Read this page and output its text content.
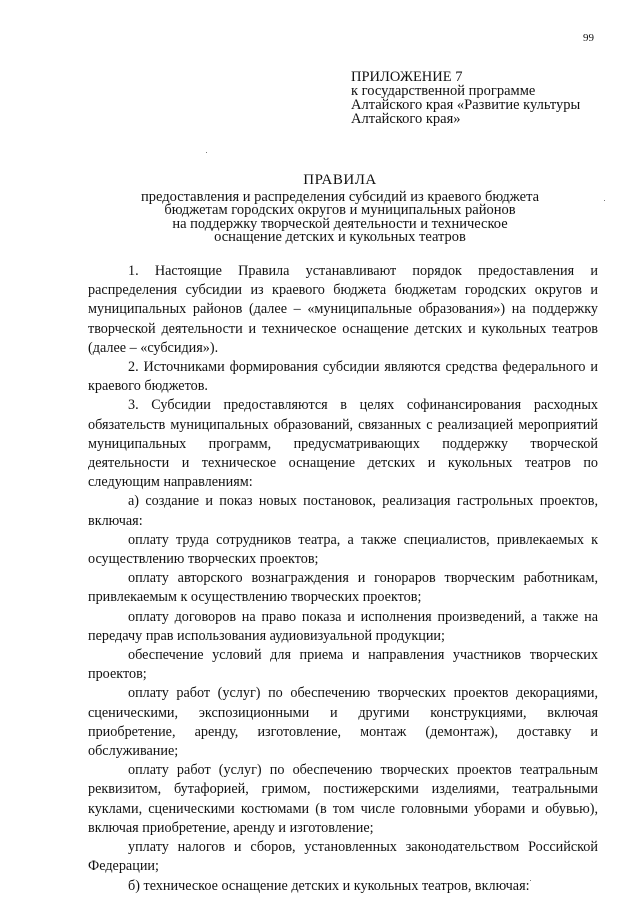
99
ПРИЛОЖЕНИЕ 7
к государственной программе
Алтайского края «Развитие культуры
Алтайского края»
ПРАВИЛА
предоставления и распределения субсидий из краевого бюджета
бюджетам городских округов и муниципальных районов
на поддержку творческой деятельности и техническое
оснащение детских и кукольных театров

1. Настоящие Правила устанавливают порядок предоставления и распределения субсидии из краевого бюджета бюджетам городских округов и муниципальных районов (далее – «муниципальные образования») на поддержку творческой деятельности и техническое оснащение детских и кукольных театров (далее – «субсидия»).

2. Источниками формирования субсидии являются средства федерального и краевого бюджетов.

3. Субсидии предоставляются в целях софинансирования расходных обязательств муниципальных образований, связанных с реализацией мероприятий муниципальных программ, предусматривающих поддержку творческой деятельности и техническое оснащение детских и кукольных театров по следующим направлениям:

а) создание и показ новых постановок, реализация гастрольных проектов, включая:

оплату труда сотрудников театра, а также специалистов, привлекаемых к осуществлению творческих проектов;

оплату авторского вознаграждения и гонораров творческим работникам, привлекаемым к осуществлению творческих проектов;

оплату договоров на право показа и исполнения произведений, а также на передачу прав использования аудиовизуальной продукции;

обеспечение условий для приема и направления участников творческих проектов;

оплату работ (услуг) по обеспечению творческих проектов декорациями, сценическими, экспозиционными и другими конструкциями, включая приобретение, аренду, изготовление, монтаж (демонтаж), доставку и обслуживание;

оплату работ (услуг) по обеспечению творческих проектов театральным реквизитом, бутафорией, гримом, постижерскими изделиями, театральными куклами, сценическими костюмами (в том числе головными уборами и обувью), включая приобретение, аренду и изготовление;

уплату налогов и сборов, установленных законодательством Российской Федерации;

б) техническое оснащение детских и кукольных театров, включая:
